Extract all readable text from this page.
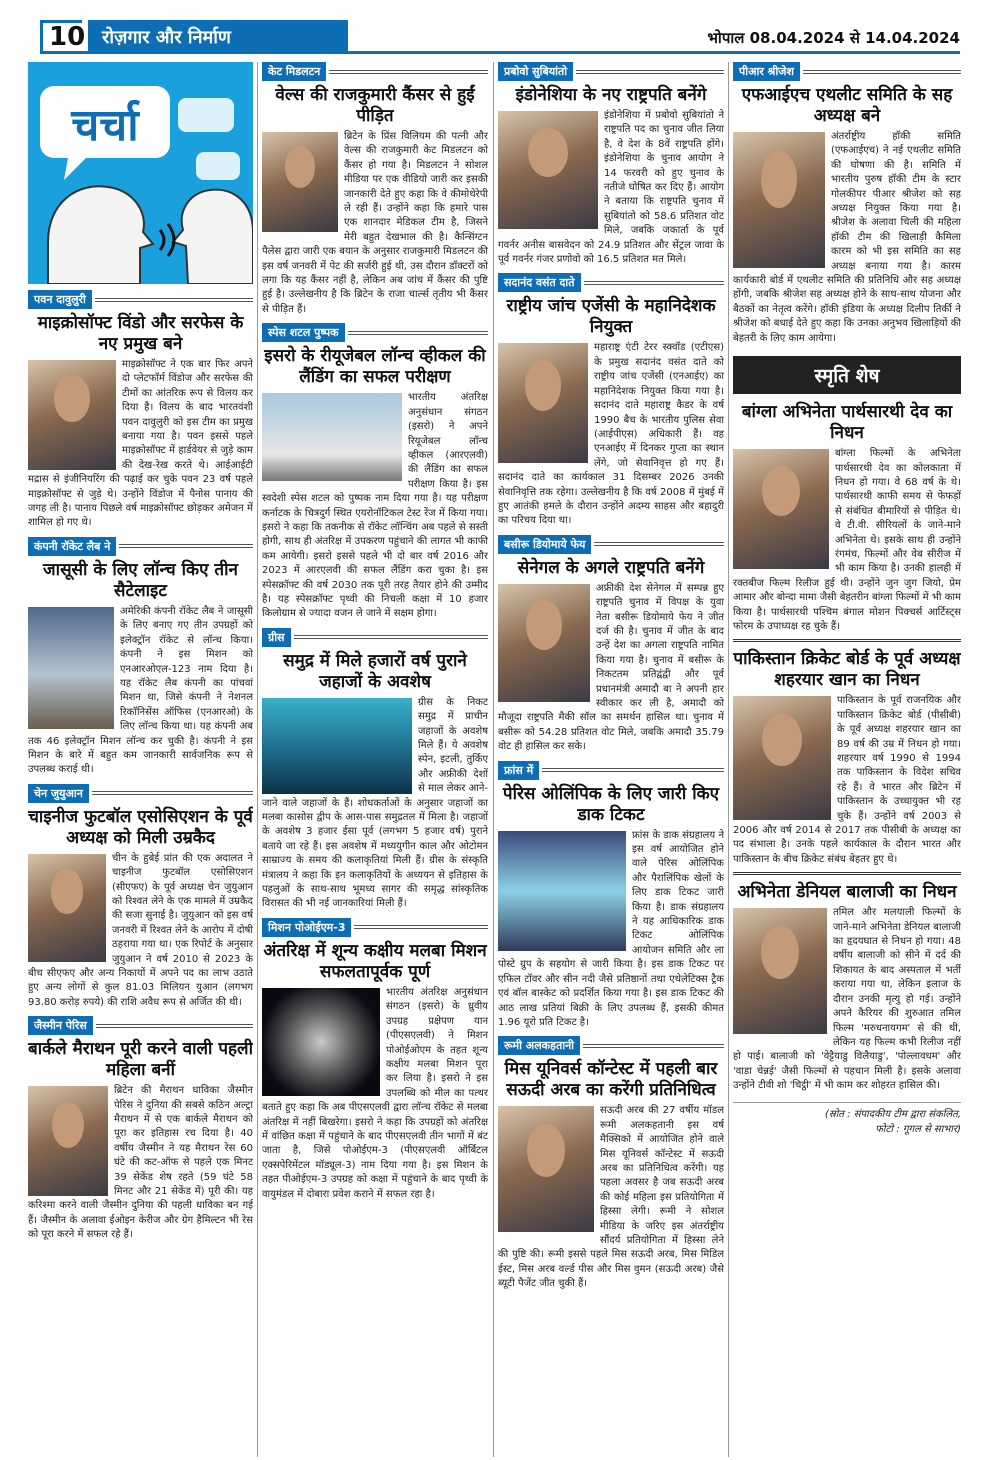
10 रोज़गार और निर्माण	भोपाल 08.04.2024 से 14.04.2024
चर्चा
पवन दावुलुरी
माइक्रोसॉफ्ट विंडो और सरफेस के नए प्रमुख बने
माइक्रोसॉफ्ट ने एक बार फिर अपने दो प्लेटफॉर्म विंडोज और सरफेस की टीमों का आंतरिक रूप से विलय कर दिया है। विलय के बाद भारतवंशी पवन दावुलुरी को इस टीम का प्रमुख बनाया गया है। पवन इससे पहले माइक्रोसॉफ्ट में हार्डवेयर से जुड़े काम की देख-रेख करते थे। आईआईटी मद्रास से इंजीनियरिंग की पढ़ाई कर चुके पवन 23 वर्ष पहले माइक्रोसॉफ्ट से जुड़े थे। उन्होंने विंडोज में पैनोस पानाय की जगह ली है। पानाय पिछले वर्ष माइक्रोसॉफ्ट छोड़कर अमेजन में शामिल हो गए थे।
कंपनी रॉकेट लैब ने
जासूसी के लिए लॉन्च किए तीन सैटेलाइट
अमेरिकी कंपनी रॉकेट लैब ने जासूसी के लिए बनाए गए तीन उपग्रहों को इलेक्ट्रॉन रॉकेट से लॉन्च किया। कंपनी ने इस मिशन को एनआरओएल-123 नाम दिया है। यह रॉकेट लैब कंपनी का पांचवां मिशन था, जिसे कंपनी ने नेशनल रिकॉनिसेंस ऑफिस (एनआरओ) के लिए लॉन्च किया था। यह कंपनी अब तक 46 इलेक्ट्रॉन मिशन लॉन्च कर चुकी है। कंपनी ने इस मिशन के बारे में बहुत कम जानकारी सार्वजनिक रूप से उपलब्ध कराई थी।
चेन जुयुआन
चाइनीज फुटबॉल एसोसिएशन के पूर्व अध्यक्ष को मिली उम्रकैद
चीन के हुबेई प्रांत की एक अदालत ने चाइनीज फुटबॉल एसोसिएशन (सीएफए) के पूर्व अध्यक्ष चेन जुयुआन को रिश्वत लेने के एक मामले में उम्रकैद की सजा सुनाई है। जुयुआन को इस वर्ष जनवरी में रिश्वत लेने के आरोप में दोषी ठहराया गया था। एक रिपोर्ट के अनुसार जुयुआन ने वर्ष 2010 से 2023 के बीच सीएफए और अन्य निकायों में अपने पद का लाभ उठाते हुए अन्य लोगों से कुल 81.03 मिलियन युआन (लगभग 93.80 करोड़ रुपये) की राशि अवैध रूप से अर्जित की थी।
जैस्मीन पेरिस
बार्कले मैराथन पूरी करने वाली पहली महिला बनीं
ब्रिटेन की मैराथन धाविका जैस्मीन पेरिस ने दुनिया की सबसे कठिन अल्ट्रा मैराथन में से एक बार्कले मैराथन को पूरा कर इतिहास रच दिया है। 40 वर्षीय जैस्मीन ने यह मैराथन रेस 60 घंटे की कट-ऑफ से पहले एक मिनट 39 सेकेंड शेष रहते (59 घंटे 58 मिनट और 21 सेकेंड में) पूरी की। यह करिश्मा करने वाली जैस्मीन दुनिया की पहली धाविका बन गई हैं। जैस्मीन के अलावा ईओइन केरीज और ग्रेग हैमिल्टन भी रेस को पूरा करने में सफल रहे हैं।
केट मिडलटन
वेल्स की राजकुमारी कैंसर से हुईं पीड़ित
ब्रिटेन के प्रिंस विलियम की पत्नी और वेल्स की राजकुमारी केट मिडलटन को कैंसर हो गया है। मिडलटन ने सोशल मीडिया पर एक वीडियो जारी कर इसकी जानकारी देते हुए कहा कि वे कीमोथेरेपी ले रही हैं। उन्होंने कहा कि हमारे पास एक शानदार मेडिकल टीम है, जिसने मेरी बहुत देखभाल की है। कैन्सिंग्टन पैलेस द्वारा जारी एक बयान के अनुसार राजकुमारी मिडलटन की इस वर्ष जनवरी में पेट की सर्जरी हुई थी, उस दौरान डॉक्टरों को लगा कि यह कैंसर नहीं है, लेकिन अब जांच में कैंसर की पुष्टि हुई है। उल्लेखनीय है कि ब्रिटेन के राजा चार्ल्स तृतीय भी कैंसर से पीड़ित हैं।
स्पेस शटल पुष्पक
इसरो के रीयूजेबल लॉन्च व्हीकल की लैंडिंग का सफल परीक्षण
भारतीय अंतरिक्ष अनुसंधान संगठन (इसरो) ने अपने रियूजेबल लॉन्च व्हीकल (आरएलवी) की लैंडिंग का सफल परीक्षण किया है। इस स्वदेशी स्पेस शटल को पुष्पक नाम दिया गया है। यह परीक्षण कर्नाटक के चित्रदुर्ग स्थित एयरोनॉटिकल टेस्ट रेंज में किया गया। इसरो ने कहा कि तकनीक से रॉकेट लॉन्चिंग अब पहले से सस्ती होगी, साथ ही अंतरिक्ष में उपकरण पहुंचाने की लागत भी काफी कम आयेगी। इसरो इससे पहले भी दो बार वर्ष 2016 और 2023 में आरएलवी की सफल लैंडिंग करा चुका है। इस स्पेसक्रॉफ्ट की वर्ष 2030 तक पूरी तरह तैयार होने की उम्मीद है। यह स्पेसक्रॉफ्ट पृथ्वी की निचली कक्षा में 10 हजार किलोग्राम से ज्यादा वजन ले जाने में सक्षम होगा।
ग्रीस
समुद्र में मिले हजारों वर्ष पुराने जहाजों के अवशेष
ग्रीस के निकट समुद्र में प्राचीन जहाजों के अवशेष मिले हैं। ये अवशेष स्पेन, इटली, तुर्किए और अफ्रीकी देशों से माल लेकर आने-जाने वाले जहाजों के हैं। शोधकर्ताओं के अनुसार जहाजों का मलबा कासोस द्वीप के आस-पास समुद्रतल में मिला है। जहाजों के अवशेष 3 हजार ईसा पूर्व (लगभग 5 हजार वर्ष) पुराने बताये जा रहे हैं। इस अवशेष में मध्ययुगीन काल और ओटोमन साम्राज्य के समय की कलाकृतियां मिली हैं। ग्रीस के संस्कृति मंत्रालय ने कहा कि इन कलाकृतियों के अध्ययन से इतिहास के पहलुओं के साथ-साथ भूमध्य सागर की समृद्ध सांस्कृतिक विरासत की भी नई जानकारियां मिली हैं।
मिशन पोओईएम-3
अंतरिक्ष में शून्य कक्षीय मलबा मिशन सफलतापूर्वक पूर्ण
भारतीय अंतरिक्ष अनुसंधान संगठन (इसरो) के ध्रुवीय उपग्रह प्रक्षेपण यान (पीएसएलवी) ने मिशन पोओईओएम के तहत शून्य कक्षीय मलबा मिशन पूरा कर लिया है। इसरो ने इस उपलब्धि को मील का पत्थर बताते हुए कहा कि अब पीएसएलवी द्वारा लॉन्च रॉकेट से मलबा अंतरिक्ष में नहीं बिखरेगा। इसरो ने कहा कि उपग्रहों को अंतरिक्ष में वांछित कक्षा में पहुंचाने के बाद पीएसएलवी तीन भागों में बंट जाता है, जिसे पोओईएम-3 (पीएसएलवी ऑर्बिटल एक्सपेरिमेंटल मॉड्यूल-3) नाम दिया गया है। इस मिशन के तहत पीओईएम-3 उपग्रह को कक्षा में पहुंचाने के बाद पृथ्वी के वायुमंडल में दोबारा प्रवेश कराने में सफल रहा है।
प्रबोवो सुबियांतो
इंडोनेशिया के नए राष्ट्रपति बनेंगे
इंडोनेशिया में प्रबोवो सुबियांतो ने राष्ट्रपति पद का चुनाव जीत लिया है, वे देश के 8वें राष्ट्रपति होंगे। इंडोनेशिया के चुनाव आयोग ने 14 फरवरी को हुए चुनाव के नतीजे घोषित कर दिए हैं। आयोग ने बताया कि राष्ट्रपति चुनाव में सुबियांतो को 58.6 प्रतिशत वोट मिले, जबकि जकार्ता के पूर्व गवर्नर अनीस बासवेदन को 24.9 प्रतिशत और सेंट्रल जावा के पूर्व गवर्नर गंजर प्रणोवो को 16.5 प्रतिशत मत मिले।
सदानंद वसंत दाते
राष्ट्रीय जांच एजेंसी के महानिदेशक नियुक्त
महाराष्ट्र एंटी टेरर स्क्वॉड (एटीएस) के प्रमुख सदानंद वसंत दाते को राष्ट्रीय जांच एजेंसी (एनआईए) का महानिदेशक नियुक्त किया गया है। सदानंद दाते महाराष्ट्र कैडर के वर्ष 1990 बैच के भारतीय पुलिस सेवा (आईपीएस) अधिकारी हैं। वह एनआईए में दिनकर गुप्ता का स्थान लेंगे, जो सेवानिवृत्त हो गए हैं। सदानंद दाते का कार्यकाल 31 दिसम्बर 2026 उनकी सेवानिवृत्ति तक रहेगा। उल्लेखनीय है कि वर्ष 2008 में मुंबई में हुए आतंकी हमले के दौरान उन्होंने अदम्य साहस और बहादुरी का परिचय दिया था।
बसीरू डियोमाये फेय
सेनेगल के अगले राष्ट्रपति बनेंगे
अफ्रीकी देश सेनेगल में सम्पन्न हुए राष्ट्रपति चुनाव में विपक्ष के युवा नेता बसीरू डियोमाये फेय ने जीत दर्ज की है। चुनाव में जीत के बाद उन्हें देश का अगला राष्ट्रपति नामित किया गया है। चुनाव में बसीरू के निकटतम प्रतिद्वंद्वी और पूर्व प्रधानमंत्री अमादौ बा ने अपनी हार स्वीकार कर ली है, अमादौ को मौजूदा राष्ट्रपति मैकी सॉल का समर्थन हासिल था। चुनाव में बसीरू को 54.28 प्रतिशत वोट मिले, जबकि अमादौ 35.79 वोट ही हासिल कर सके।
फ्रांस में
पेरिस ओलिंपिक के लिए जारी किए डाक टिकट
फ्रांस के डाक संग्रहालय ने इस वर्ष आयोजित होने वाले पेरिस ओलिंपिक और पैरालिंपिक खेलों के लिए डाक टिकट जारी किया है। डाक संग्रहालय ने यह आधिकारिक डाक टिकट ओलिंपिक आयोजन समिति और ला पोस्टे ग्रुप के सहयोग से जारी किया है। इस डाक टिकट पर एफिल टॉवर और सीन नदी जैसे प्रतिष्ठानों तथा एथेलेटिक्स ट्रैक एवं बॉल बास्केट को प्रदर्शित किया गया है। इस डाक टिकट की आठ लाख प्रतियां बिक्री के लिए उपलब्ध हैं, इसकी कीमत 1.96 यूरो प्रति टिकट है।
रूमी अलकहतानी
मिस यूनिवर्स कॉन्टेस्ट में पहली बार सऊदी अरब का करेंगी प्रतिनिधित्व
सऊदी अरब की 27 वर्षीय मॉडल रूमी अलकहतानी इस वर्ष मैक्सिको में आयोजित होने वाले मिस यूनिवर्स कॉन्टेस्ट में सऊदी अरब का प्रतिनिधित्व करेंगी। यह पहला अवसर है जब सऊदी अरब की कोई महिला इस प्रतियोगिता में हिस्सा लेगी। रूमी ने सोशल मीडिया के जरिए इस अंतर्राष्ट्रीय सौंदर्य प्रतियोगिता में हिस्सा लेने की पुष्टि की। रूमी इससे पहले मिस सऊदी अरब, मिस मिडिल ईस्ट, मिस अरब वर्ल्ड पीस और मिस वुमन (सऊदी अरब) जैसे ब्यूटी पैजेंट जीत चुकी हैं।
पीआर श्रीजेश
एफआईएच एथलीट समिति के सह अध्यक्ष बने
अंतर्राष्ट्रीय हॉकी समिति (एफआईएच) ने नई एथलीट समिति की घोषणा की है। समिति में भारतीय पुरुष हॉकी टीम के स्टार गोलकीपर पीआर श्रीजेश को सह अध्यक्ष नियुक्त किया गया है। श्रीजेश के अलावा चिली की महिला हॉकी टीम की खिलाड़ी कैमिला कारम को भी इस समिति का सह अध्यक्ष बनाया गया है। कारम कार्यकारी बोर्ड में एथलीट समिति की प्रतिनिधि और सह अध्यक्ष होंगी, जबकि श्रीजेश सह अध्यक्ष होने के साथ-साथ योजना और बैठकों का नेतृत्व करेंगे। हॉकी इंडिया के अध्यक्ष दिलीप तिर्की ने श्रीजेश को बधाई देते हुए कहा कि उनका अनुभव खिलाड़ियों की बेहतरी के लिए काम आयेगा।
स्मृति शेष
बांग्ला अभिनेता पार्थसारथी देव का निधन
बांग्ला फिल्मों के अभिनेता पार्थसारथी देव का कोलकाता में निधन हो गया। वे 68 वर्ष के थे। पार्थसारथी काफी समय से फेफड़ों से संबंधित बीमारियों से पीड़ित थे। वे टी.वी. सीरियलों के जाने-माने अभिनेता थे। इसके साथ ही उन्होंने रंगमंच, फिल्मों और वेब सीरीज में भी काम किया है। उनकी हालही में रक्तबीज फिल्म रिलीज हुई थी। उन्होंने जुन जुग जियो, प्रेम आमार और बोन्दा मामा जैसी बेहतरीन बांग्ला फिल्मों में भी काम किया है। पार्थसारथी पश्चिम बंगाल मोशन पिक्चर्स आर्टिस्ट्स फोरम के उपाध्यक्ष रह चुके हैं।
पाकिस्तान क्रिकेट बोर्ड के पूर्व अध्यक्ष शहरयार खान का निधन
पाकिस्तान के पूर्व राजनयिक और पाकिस्तान क्रिकेट बोर्ड (पीसीबी) के पूर्व अध्यक्ष शहरयार खान का 89 वर्ष की उम्र में निधन हो गया। शहरयार वर्ष 1990 से 1994 तक पाकिस्तान के विदेश सचिव रहे हैं। वे भारत और ब्रिटेन में पाकिस्तान के उच्चायुक्त भी रह चुके हैं। उन्होंने वर्ष 2003 से 2006 और वर्ष 2014 से 2017 तक पीसीबी के अध्यक्ष का पद संभाला है। उनके पहले कार्यकाल के दौरान भारत और पाकिस्तान के बीच क्रिकेट संबंध बेहतर हुए थे।
अभिनेता डेनियल बालाजी का निधन
तमिल और मलयाली फिल्मों के जाने-माने अभिनेता डेनियल बालाजी का हृदयघात से निधन हो गया। 48 वर्षीय बालाजी को सीने में दर्द की शिकायत के बाद अस्पताल में भर्ती कराया गया था, लेकिन इलाज के दौरान उनकी मृत्यु हो गई। उन्होंने अपने कैरियर की शुरुआत तमिल फिल्म 'मरुधनायगम' से की थी, लेकिन यह फिल्म कभी रिलीज नहीं हो पाई। बालाजी को 'वेट्टैयाडु विलैयाडु', 'पोल्लावधम' और 'वाडा चेन्नई' जैसी फिल्मों से पहचान मिली है। इसके अलावा उन्होंने टीवी शो 'चिट्ठी' में भी काम कर शोहरत हासिल की।
(स्रोत : संपादकीय टीम द्वारा संकलित,
फोटो : गूगल से साभार)
